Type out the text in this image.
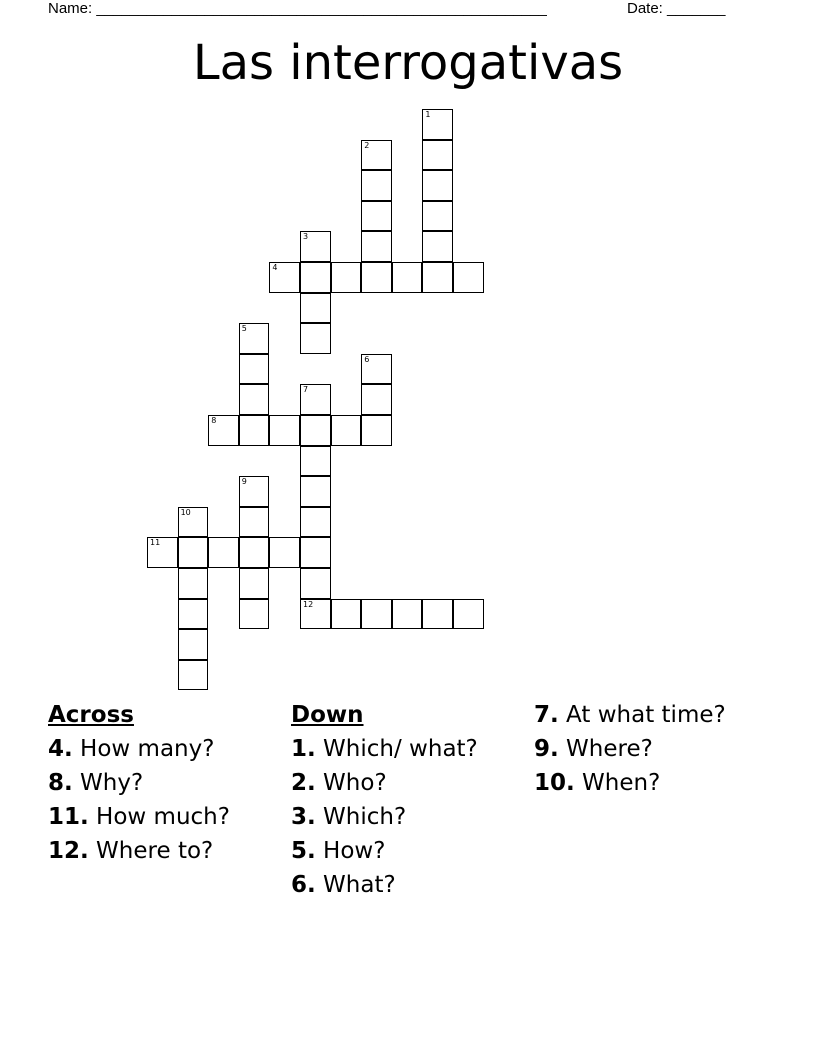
Name: ______________________________________________________	Date: _______
Las interrogativas
1
2
3
4
5
6
7
12
8
9
10
11
Across
4. How many?
8. Why?
11. How much?
12. Where to?
Down
1. Which/ what?
2. Who?
3. Which?
5. How?
6. What?
7. At what time?
9. Where?
10. When?
